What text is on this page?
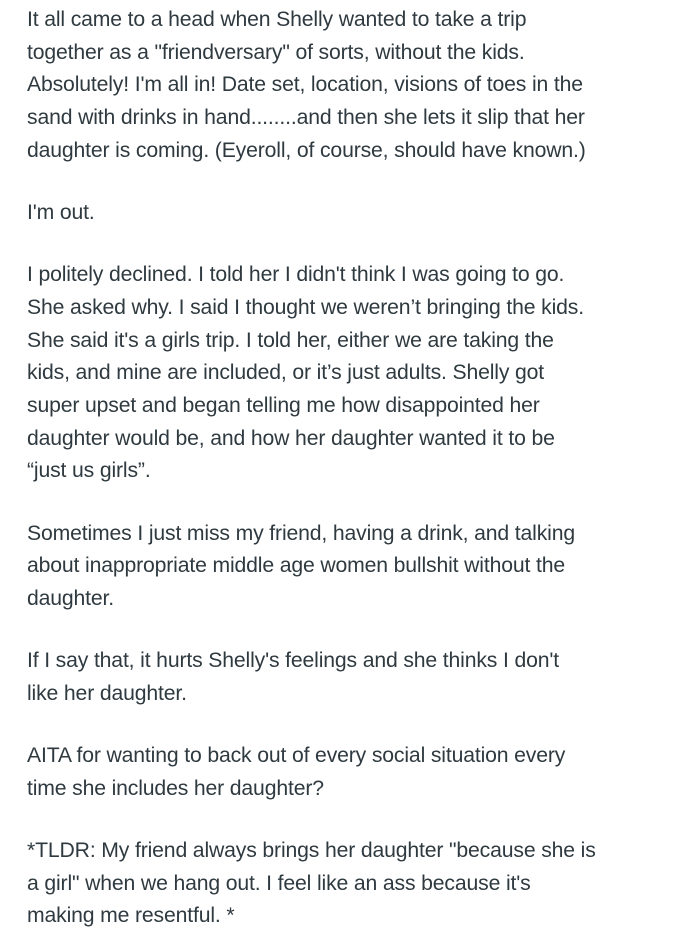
It all came to a head when Shelly wanted to take a trip
together as a "friendversary" of sorts, without the kids.
Absolutely! I'm all in! Date set, location, visions of toes in the
sand with drinks in hand........and then she lets it slip that her
daughter is coming. (Eyeroll, of course, should have known.)

I'm out.

I politely declined. I told her I didn't think I was going to go.
She asked why. I said I thought we weren’t bringing the kids.
She said it's a girls trip. I told her, either we are taking the
kids, and mine are included, or it’s just adults. Shelly got
super upset and began telling me how disappointed her
daughter would be, and how her daughter wanted it to be
“just us girls”.

Sometimes I just miss my friend, having a drink, and talking
about inappropriate middle age women bullshit without the
daughter.

If I say that, it hurts Shelly's feelings and she thinks I don't
like her daughter.

AITA for wanting to back out of every social situation every
time she includes her daughter?

*TLDR: My friend always brings her daughter "because she is
a girl" when we hang out. I feel like an ass because it's
making me resentful. *
